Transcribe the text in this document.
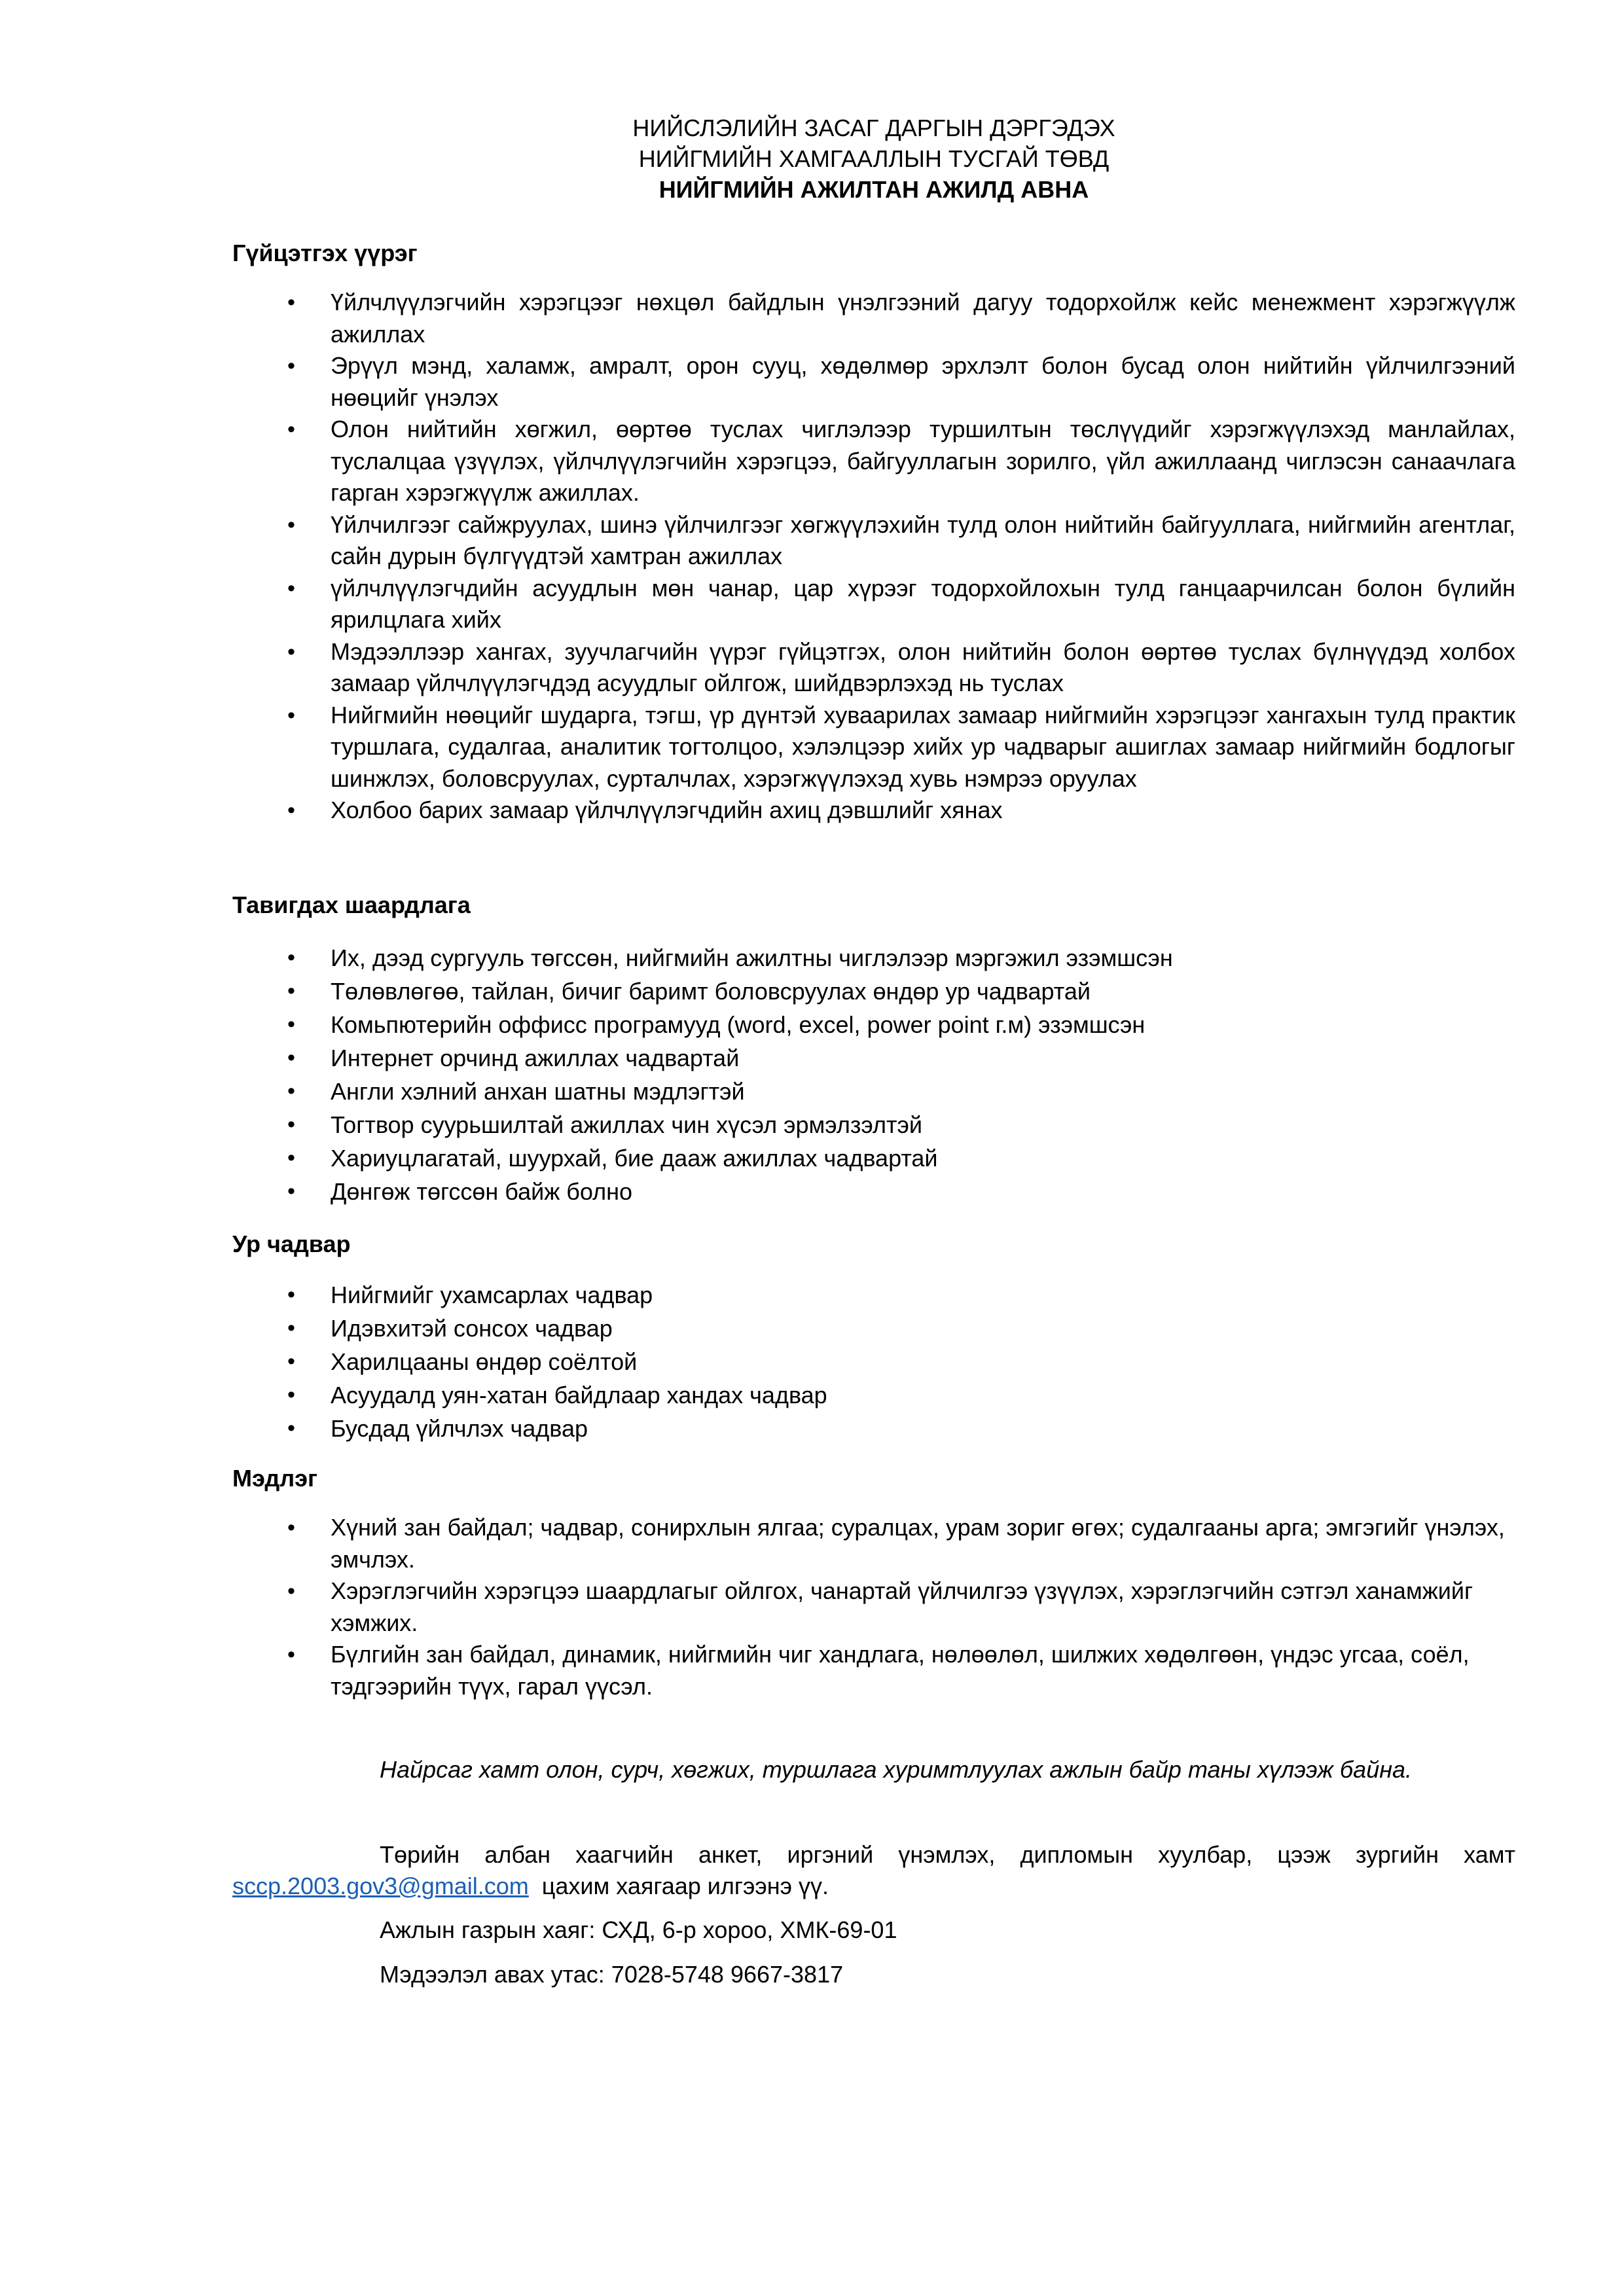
НИЙСЛЭЛИЙН ЗАСАГ ДАРГЫН ДЭРГЭДЭХ
НИЙГМИЙН ХАМГААЛЛЫН ТУСГАЙ ТӨВД
НИЙГМИЙН АЖИЛТАН АЖИЛД АВНА
Гүйцэтгэх үүрэг
• Үйлчлүүлэгчийн хэрэгцээг нөхцөл байдлын үнэлгээний дагуу тодорхойлж кейс менежмент хэрэгжүүлж ажиллах
• Эрүүл мэнд, халамж, амралт, орон сууц, хөдөлмөр эрхлэлт болон бусад олон нийтийн үйлчилгээний нөөцийг үнэлэх
• Олон нийтийн хөгжил, өөртөө туслах чиглэлээр туршилтын төслүүдийг хэрэгжүүлэхэд манлайлах, туслалцаа үзүүлэх, үйлчлүүлэгчийн хэрэгцээ, байгууллагын зорилго, үйл ажиллаанд чиглэсэн санаачлага гарган хэрэгжүүлж ажиллах.
• Үйлчилгээг сайжруулах, шинэ үйлчилгээг хөгжүүлэхийн тулд олон нийтийн байгууллага, нийгмийн агентлаг, сайн дурын бүлгүүдтэй хамтран ажиллах
• үйлчлүүлэгчдийн асуудлын мөн чанар, цар хүрээг тодорхойлохын тулд ганцаарчилсан болон бүлийн ярилцлага хийх
• Мэдээллээр хангах, зуучлагчийн үүрэг гүйцэтгэх, олон нийтийн болон өөртөө туслах бүлнүүдэд холбох замаар үйлчлүүлэгчдэд асуудлыг ойлгож, шийдвэрлэхэд нь туслах
• Нийгмийн нөөцийг шударга, тэгш, үр дүнтэй хуваарилах замаар нийгмийн хэрэгцээг хангахын тулд практик туршлага, судалгаа, аналитик тогтолцоо, хэлэлцээр хийх ур чадварыг ашиглах замаар нийгмийн бодлогыг шинжлэх, боловсруулах, сурталчлах, хэрэгжүүлэхэд хувь нэмрээ оруулах
• Холбоо барих замаар үйлчлүүлэгчдийн ахиц дэвшлийг хянах
Тавигдах шаардлага
• Их, дээд сургууль төгссөн, нийгмийн ажилтны чиглэлээр мэргэжил эзэмшсэн
• Төлөвлөгөө, тайлан, бичиг баримт боловсруулах өндөр ур чадвартай
• Комьпютерийн оффисс програмууд (word, excel, power point г.м) эзэмшсэн
• Интернет орчинд ажиллах чадвартай
• Англи хэлний анхан шатны мэдлэгтэй
• Тогтвор суурьшилтай ажиллах чин хүсэл эрмэлзэлтэй
• Хариуцлагатай, шуурхай, бие дааж ажиллах чадвартай
• Дөнгөж төгссөн байж болно
Ур чадвар
• Нийгмийг ухамсарлах чадвар
• Идэвхитэй сонсох чадвар
• Харилцааны өндөр соёлтой
• Асуудалд уян-хатан байдлаар хандах чадвар
• Бусдад үйлчлэх чадвар
Мэдлэг
• Хүний зан байдал; чадвар, сонирхлын ялгаа; суралцах, урам зориг өгөх; судалгааны арга; эмгэгийг үнэлэх, эмчлэх.
• Хэрэглэгчийн хэрэгцээ шаардлагыг ойлгох, чанартай үйлчилгээ үзүүлэх, хэрэглэгчийн сэтгэл ханамжийг хэмжих.
• Бүлгийн зан байдал, динамик, нийгмийн чиг хандлага, нөлөөлөл, шилжих хөдөлгөөн, үндэс угсаа, соёл, тэдгээрийн түүх, гарал үүсэл.
Найрсаг хамт олон, сурч, хөгжих, туршлага хуримтлуулах ажлын байр таны хүлээж байна.
Төрийн албан хаагчийн анкет, иргэний үнэмлэх, дипломын хуулбар, цээж зургийн хамт sccp.2003.gov3@gmail.com цахим хаягаар илгээнэ үү.
Ажлын газрын хаяг: СХД, 6-р хороо, ХМК-69-01
Мэдээлэл авах утас: 7028-5748 9667-3817
